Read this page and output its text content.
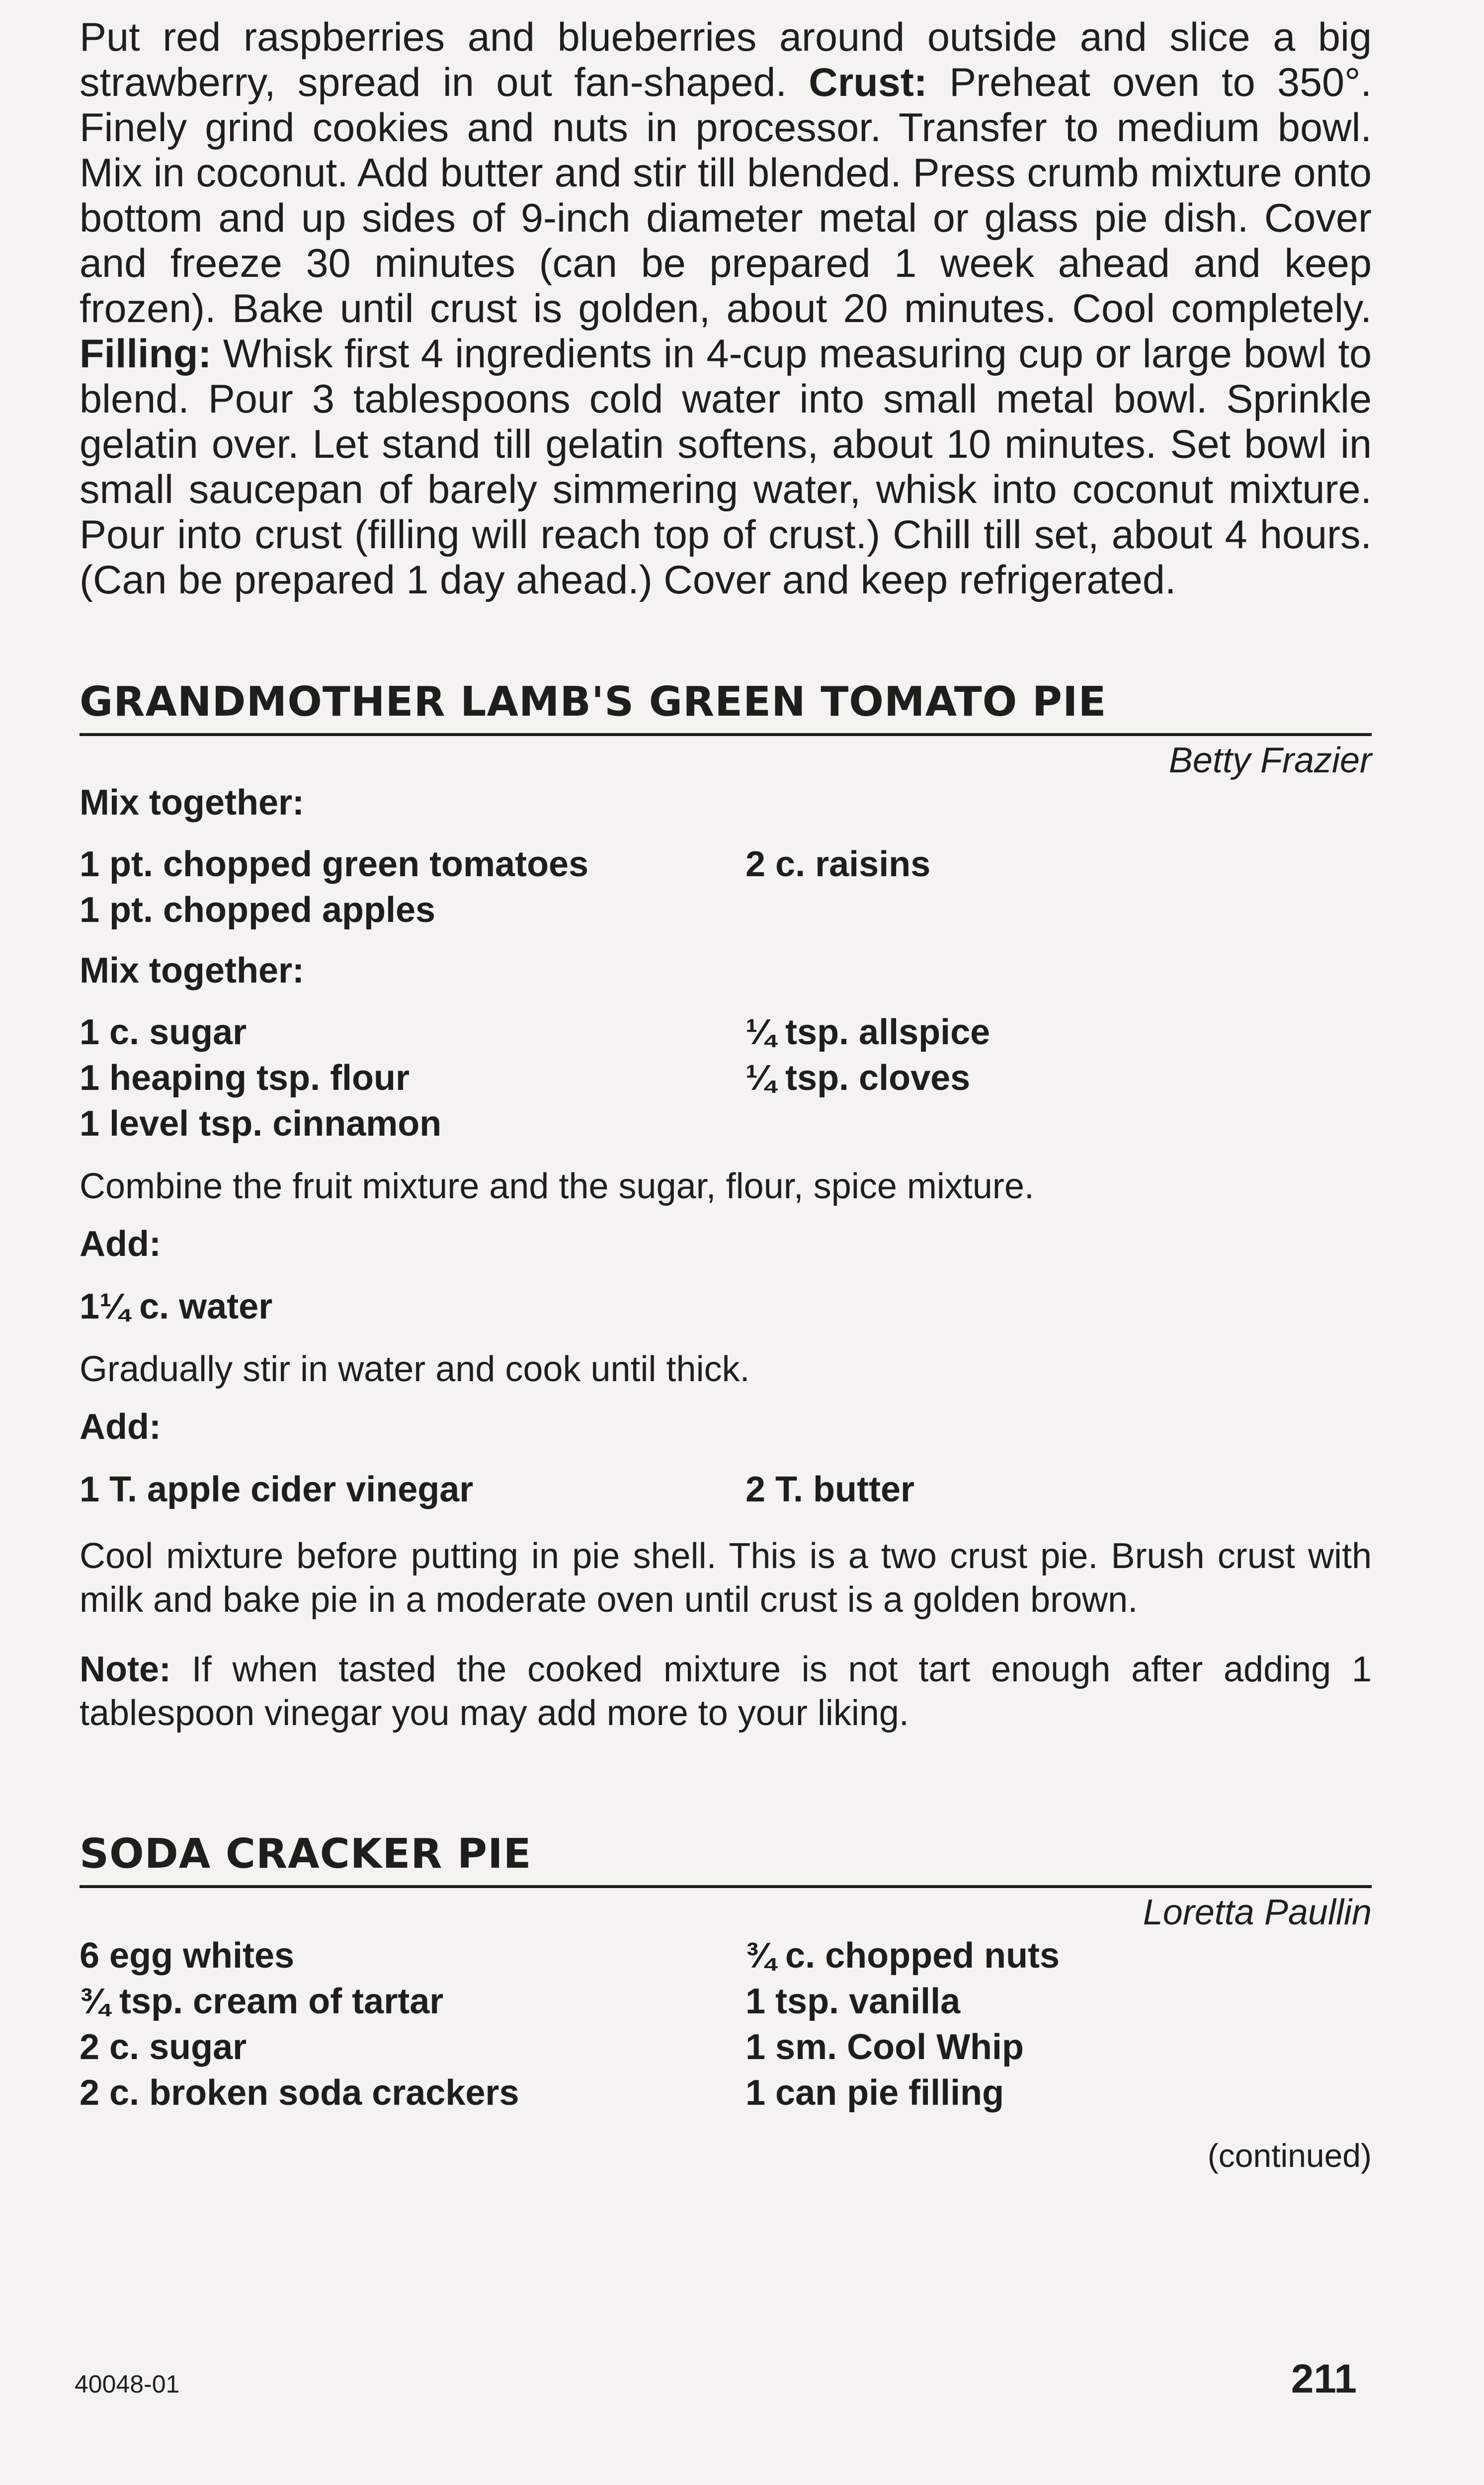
Put red raspberries and blueberries around outside and slice a big strawberry, spread in out fan-shaped. Crust: Preheat oven to 350°. Finely grind cookies and nuts in processor. Transfer to medium bowl. Mix in coconut. Add butter and stir till blended. Press crumb mixture onto bottom and up sides of 9-inch diameter metal or glass pie dish. Cover and freeze 30 minutes (can be prepared 1 week ahead and keep frozen). Bake until crust is golden, about 20 minutes. Cool completely. Filling: Whisk first 4 ingredients in 4-cup measuring cup or large bowl to blend. Pour 3 tablespoons cold water into small metal bowl. Sprinkle gelatin over. Let stand till gelatin softens, about 10 minutes. Set bowl in small saucepan of barely simmering water, whisk into coconut mixture. Pour into crust (filling will reach top of crust.) Chill till set, about 4 hours. (Can be prepared 1 day ahead.) Cover and keep refrigerated.

GRANDMOTHER LAMB'S GREEN TOMATO PIE
Betty Frazier
Mix together:
1 pt. chopped green tomatoes
1 pt. chopped apples
2 c. raisins
Mix together:
1 c. sugar
1 heaping tsp. flour
1 level tsp. cinnamon
¼ tsp. allspice
¼ tsp. cloves

Combine the fruit mixture and the sugar, flour, spice mixture.

Add:
1¼ c. water

Gradually stir in water and cook until thick.

Add:
1 T. apple cider vinegar	2 T. butter

Cool mixture before putting in pie shell. This is a two crust pie. Brush crust with milk and bake pie in a moderate oven until crust is a golden brown.

Note: If when tasted the cooked mixture is not tart enough after adding 1 tablespoon vinegar you may add more to your liking.

SODA CRACKER PIE
Loretta Paullin
6 egg whites
¾ tsp. cream of tartar
2 c. sugar
2 c. broken soda crackers
¾ c. chopped nuts
1 tsp. vanilla
1 sm. Cool Whip
1 can pie filling
(continued)
40048-01	211
